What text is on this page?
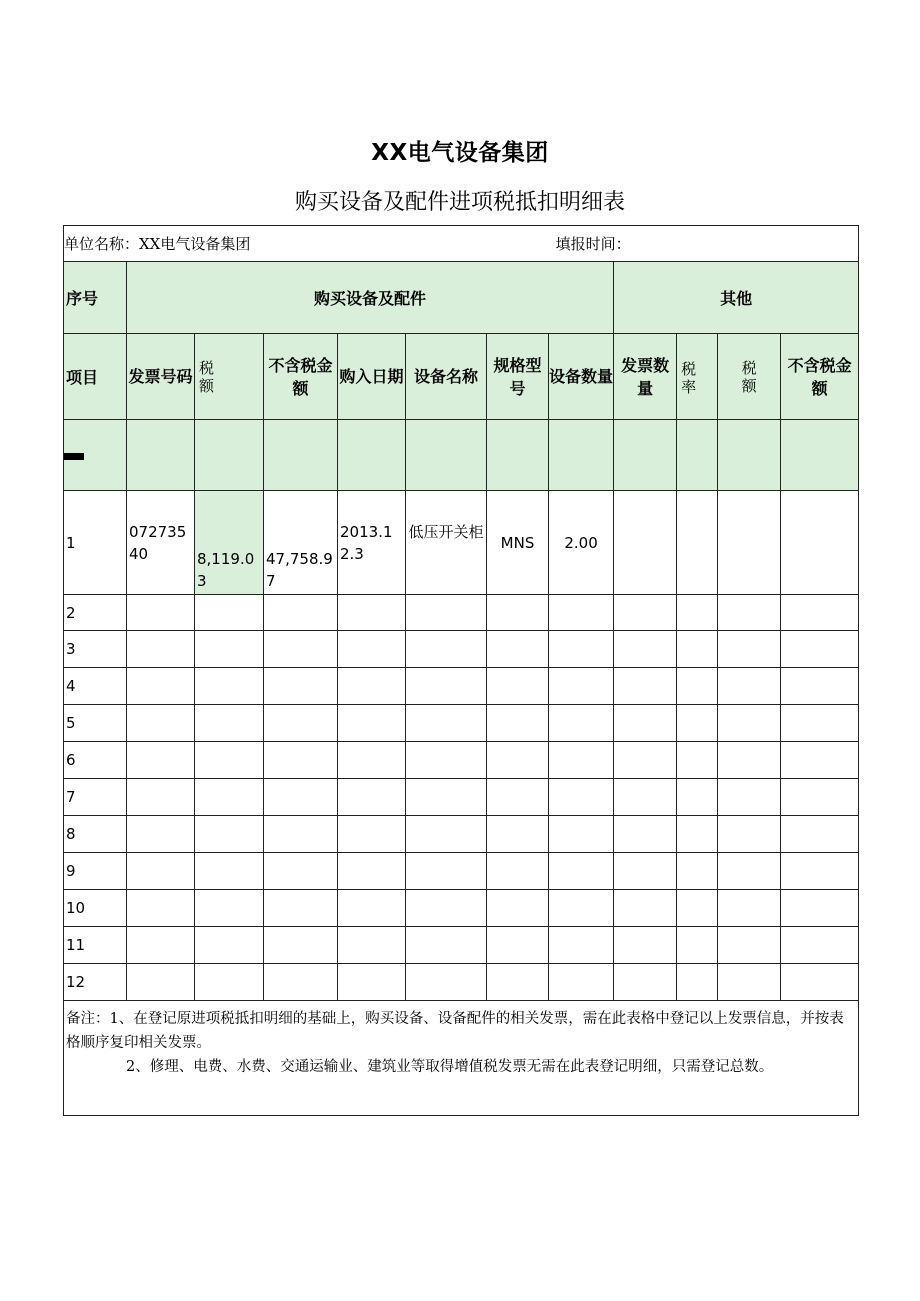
XX电气设备集团
购买设备及配件进项税抵扣明细表
单位名称：XX电气设备集团								填报时间：			
序号	购买设备及配件							其他			
项目	发票号码	税额	不含税金额	购入日期	设备名称	规格型号	设备数量	发票数量	税率	税额	不含税金额

1	07273540	8,119.03	47,758.97	2013.12.3	低压开关柜	MNS	2.00				
2											
3											
4											
5											
6											
7											
8											
9											
10											
11											
12											

备注：1、在登记原进项税抵扣明细的基础上，购买设备、设备配件的相关发票，需在此表格中登记以上发票信息，并按表格顺序复印相关发票。
2、修理、电费、水费、交通运输业、建筑业等取得增值税发票无需在此表登记明细，只需登记总数。											
